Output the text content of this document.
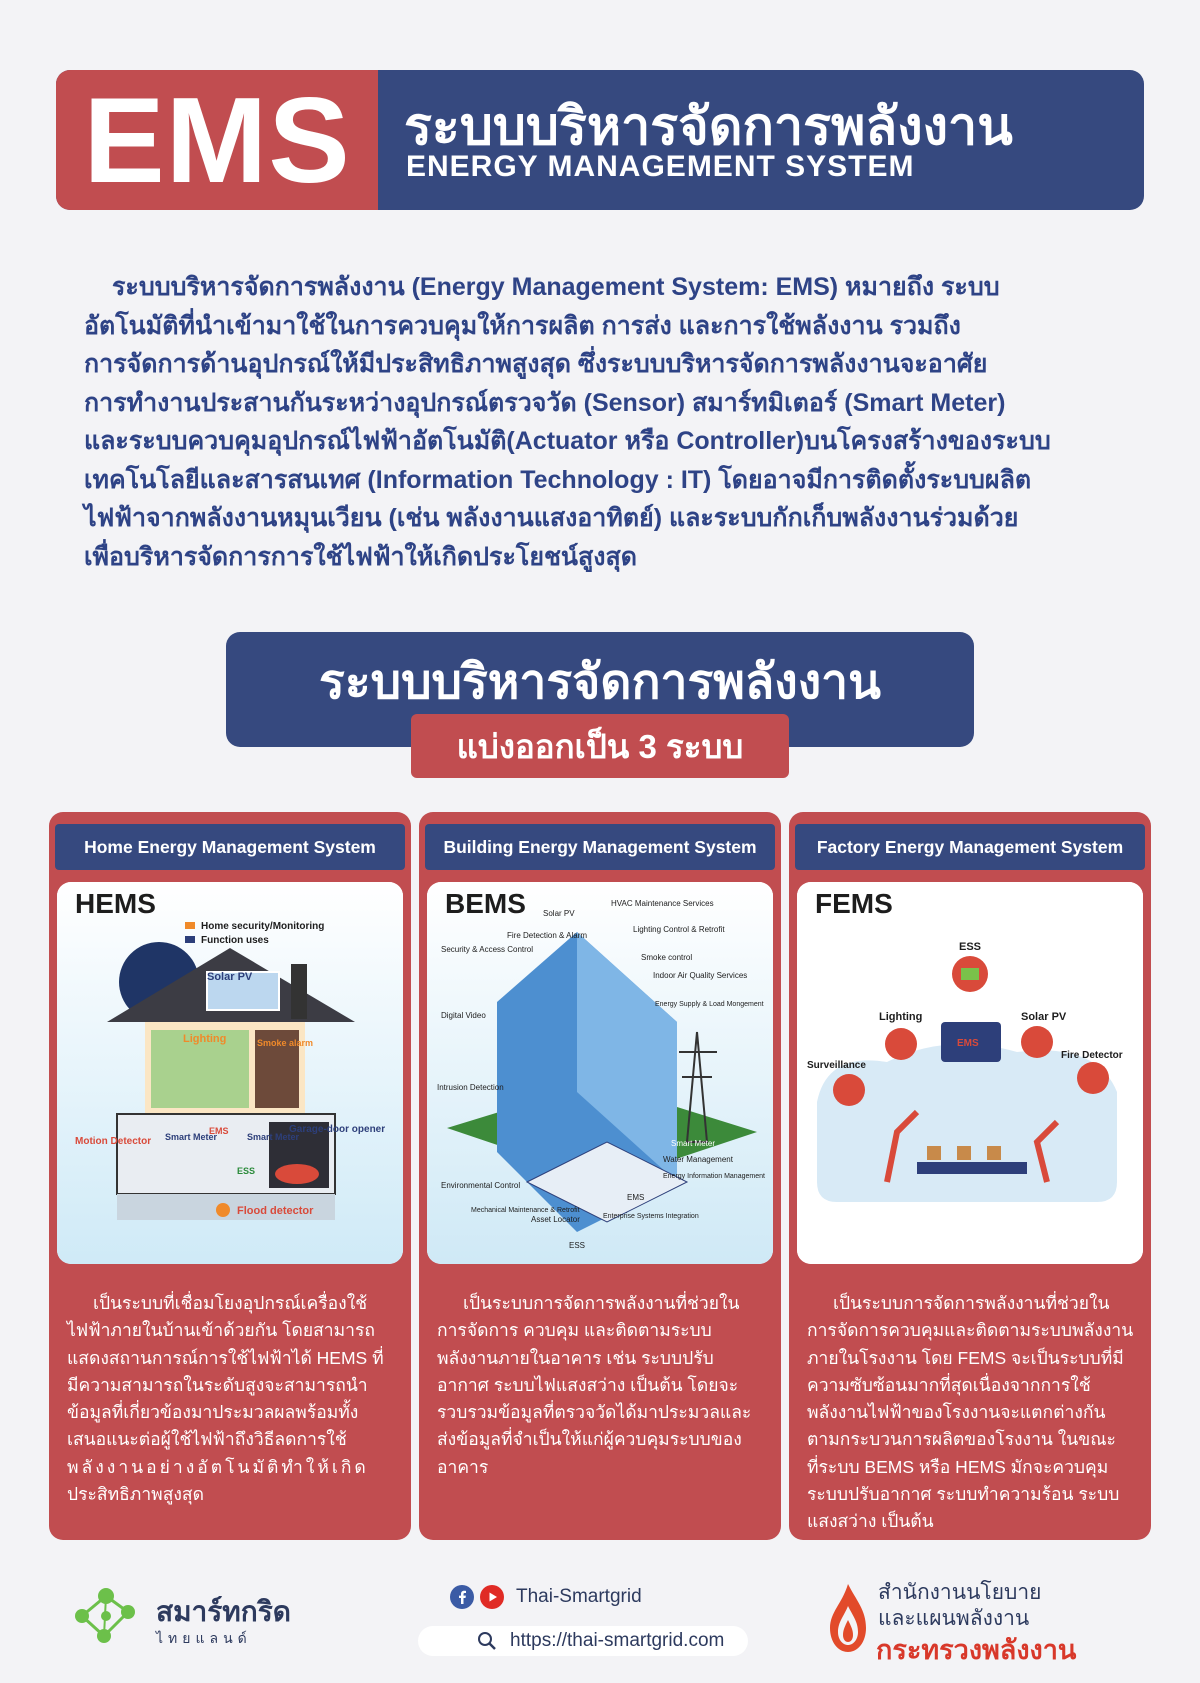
EMS ระบบบริหารจัดการพลังงาน
ENERGY MANAGEMENT SYSTEM
ระบบบริหารจัดการพลังงาน (Energy Management System: EMS) หมายถึง ระบบ
อัตโนมัติที่นำเข้ามาใช้ในการควบคุมให้การผลิต การส่ง และการใช้พลังงาน รวมถึง
การจัดการด้านอุปกรณ์ให้มีประสิทธิภาพสูงสุด ซึ่งระบบบริหารจัดการพลังงานจะอาศัย
การทำงานประสานกันระหว่างอุปกรณ์ตรวจวัด (Sensor) สมาร์ทมิเตอร์ (Smart Meter)
และระบบควบคุมอุปกรณ์ไฟฟ้าอัตโนมัติ(Actuator หรือ Controller)บนโครงสร้างของระบบ
เทคโนโลยีและสารสนเทศ (Information Technology : IT) โดยอาจมีการติดตั้งระบบผลิต
ไฟฟ้าจากพลังงานหมุนเวียน (เช่น พลังงานแสงอาทิตย์) และระบบกักเก็บพลังงานร่วมด้วย
เพื่อบริหารจัดการการใช้ไฟฟ้าให้เกิดประโยชน์สูงสุด
ระบบบริหารจัดการพลังงาน
แบ่งออกเป็น 3 ระบบ
Home Energy Management System
Home security/Monitoring
Function uses
Solar PV
Lighting	Smoke alarm
Motion Detector Smart Meter
EMS
Smart Meter
Garage-door opener
ESS
Flood detector
HEMS
เป็นระบบที่เชื่อมโยงอุปกรณ์เครื่องใช้
ไฟฟ้าภายในบ้านเข้าด้วยกัน โดยสามารถ
แสดงสถานการณ์การใช้ไฟฟ้าได้ HEMS ที่
มีความสามารถในระดับสูงจะสามารถนำ
ข้อมูลที่เกี่ยวข้องมาประมวลผลพร้อมทั้ง
เสนอแนะต่อผู้ใช้ไฟฟ้าถึงวิธีลดการใช้
พลังงานอย่างอัตโนมัติทำให้เกิด
ประสิทธิภาพสูงสุด
Building Energy Management System
Solar PV
HVAC Maintenance Services
Fire Detection & Alarm
Lighting Control & Retrofit
Security & Access Control
Smoke control
Indoor Air Quality Services
Energy Supply & Load Mongement
Digital Video
Intrusion Detection
Smart Meter
Water Management
Energy Information Management
Environmental Control
Mechanical Maintenance & Retrofit
Asset Locator
EMS
Enterprise Systems Integration
ESS
BEMS
เป็นระบบการจัดการพลังงานที่ช่วยใน
การจัดการ ควบคุม และติดตามระบบ
พลังงานภายในอาคาร เช่น ระบบปรับ
อากาศ ระบบไฟแสงสว่าง เป็นต้น โดยจะ
รวบรวมข้อมูลที่ตรวจวัดได้มาประมวลและ
ส่งข้อมูลที่จำเป็นให้แก่ผู้ควบคุมระบบของ
อาคาร
Factory Energy Management System
ESS
Lighting	Solar PV
Surveillance
Fire Detector
EMS
FEMS
เป็นระบบการจัดการพลังงานที่ช่วยใน
การจัดการควบคุมและติดตามระบบพลังงาน
ภายในโรงงาน โดย FEMS จะเป็นระบบที่มี
ความซับซ้อนมากที่สุดเนื่องจากการใช้
พลังงานไฟฟ้าของโรงงานจะแตกต่างกัน
ตามกระบวนการผลิตของโรงงาน ในขณะ
ที่ระบบ BEMS หรือ HEMS มักจะควบคุม
ระบบปรับอากาศ ระบบทำความร้อน ระบบ
แสงสว่าง เป็นต้น
สมาร์ทกริด
ไทยแลนด์
Thai-Smartgrid
https://thai-smartgrid.com
สำนักงานนโยบาย
และแผนพลังงาน
กระทรวงพลังงาน
